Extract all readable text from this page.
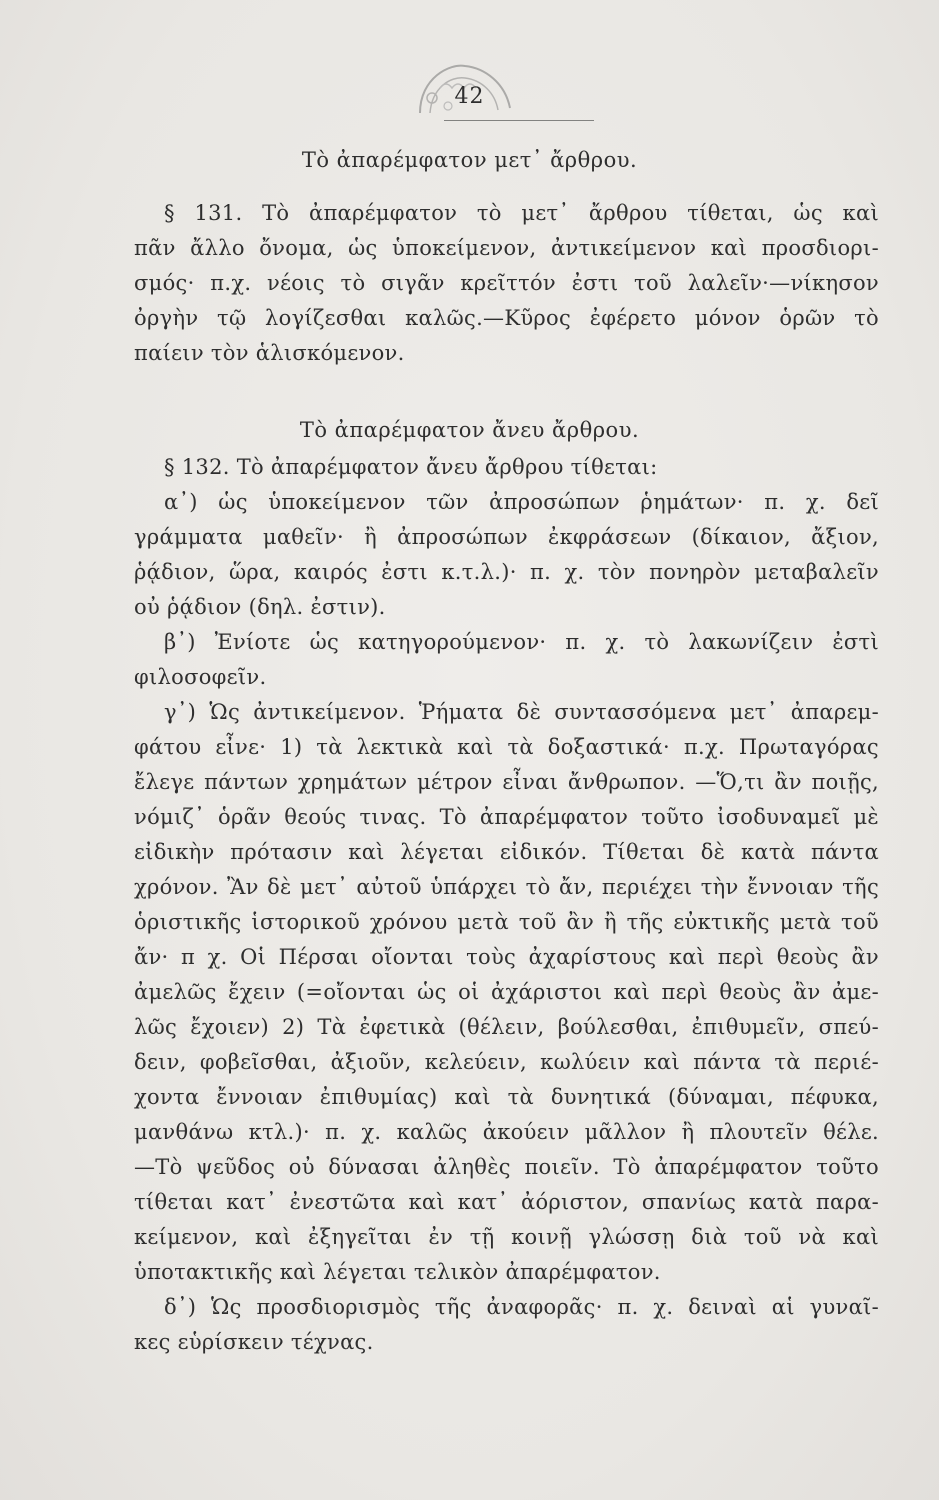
42
Τὸ ἀπαρέμφατον μετ᾽ ἄρθρου.
§ 131. Τὸ ἀπαρέμφατον τὸ μετ᾽ ἄρθρου τίθεται, ὡς καὶ
πᾶν ἄλλο ὄνομα, ὡς ὑποκείμενον, ἀντικείμενον καὶ προσδιορι-
σμός· π.χ. νέοις τὸ σιγᾶν κρεῖττόν ἐστι τοῦ λαλεῖν·—νίκησον
ὀργὴν τῷ λογίζεσθαι καλῶς.—Κῦρος ἐφέρετο μόνον ὁρῶν τὸ
παίειν τὸν ἁλισκόμενον.
Τὸ ἀπαρέμφατον ἄνευ ἄρθρου.
§ 132. Τὸ ἀπαρέμφατον ἄνευ ἄρθρου τίθεται:
α᾽) ὡς ὑποκείμενον τῶν ἀπροσώπων ῥημάτων· π. χ. δεῖ
γράμματα μαθεῖν· ἢ ἀπροσώπων ἐκφράσεων (δίκαιον, ἄξιον,
ῥᾴδιον, ὥρα, καιρός ἐστι κ.τ.λ.)· π. χ. τὸν πονηρὸν μεταβαλεῖν
οὐ ῥᾴδιον (δηλ. ἐστιν).
β᾽) Ἐνίοτε ὡς κατηγορούμενον· π. χ. τὸ λακωνίζειν ἐστὶ
φιλοσοφεῖν.
γ᾽) Ὡς ἀντικείμενον. Ῥήματα δὲ συντασσόμενα μετ᾽ ἀπαρεμ-
φάτου εἶνε· 1) τὰ λεκτικὰ καὶ τὰ δοξαστικά· π.χ. Πρωταγόρας
ἔλεγε πάντων χρημάτων μέτρον εἶναι ἄνθρωπον. —Ὅ,τι ἂν ποιῇς,
νόμιζ᾽ ὁρᾶν θεούς τινας. Τὸ ἀπαρέμφατον τοῦτο ἰσοδυναμεῖ μὲ
εἰδικὴν πρότασιν καὶ λέγεται εἰδικόν. Τίθεται δὲ κατὰ πάντα
χρόνον. Ἂν δὲ μετ᾽ αὐτοῦ ὑπάρχει τὸ ἄν, περιέχει τὴν ἔννοιαν τῆς
ὁριστικῆς ἱστορικοῦ χρόνου μετὰ τοῦ ἂν ἢ τῆς εὐκτικῆς μετὰ τοῦ
ἄν· π χ. Οἱ Πέρσαι οἴονται τοὺς ἀχαρίστους καὶ περὶ θεοὺς ἂν
ἀμελῶς ἔχειν (=οἴονται ὡς οἱ ἀχάριστοι καὶ περὶ θεοὺς ἂν ἀμε-
λῶς ἔχοιεν) 2) Τὰ ἐφετικὰ (θέλειν, βούλεσθαι, ἐπιθυμεῖν, σπεύ-
δειν, φοβεῖσθαι, ἀξιοῦν, κελεύειν, κωλύειν καὶ πάντα τὰ περιέ-
χοντα ἔννοιαν ἐπιθυμίας) καὶ τὰ δυνητικά (δύναμαι, πέφυκα,
μανθάνω κτλ.)· π. χ. καλῶς ἀκούειν μᾶλλον ἢ πλουτεῖν θέλε.
—Τὸ ψεῦδος οὐ δύνασαι ἀληθὲς ποιεῖν. Τὸ ἀπαρέμφατον τοῦτο
τίθεται κατ᾽ ἐνεστῶτα καὶ κατ᾽ ἀόριστον, σπανίως κατὰ παρα-
κείμενον, καὶ ἐξηγεῖται ἐν τῇ κοινῇ γλώσσῃ διὰ τοῦ νὰ καὶ
ὑποτακτικῆς καὶ λέγεται τελικὸν ἀπαρέμφατον.
δ᾽) Ὡς προσδιορισμὸς τῆς ἀναφορᾶς· π. χ. δειναὶ αἱ γυναῖ-
κες εὑρίσκειν τέχνας.
